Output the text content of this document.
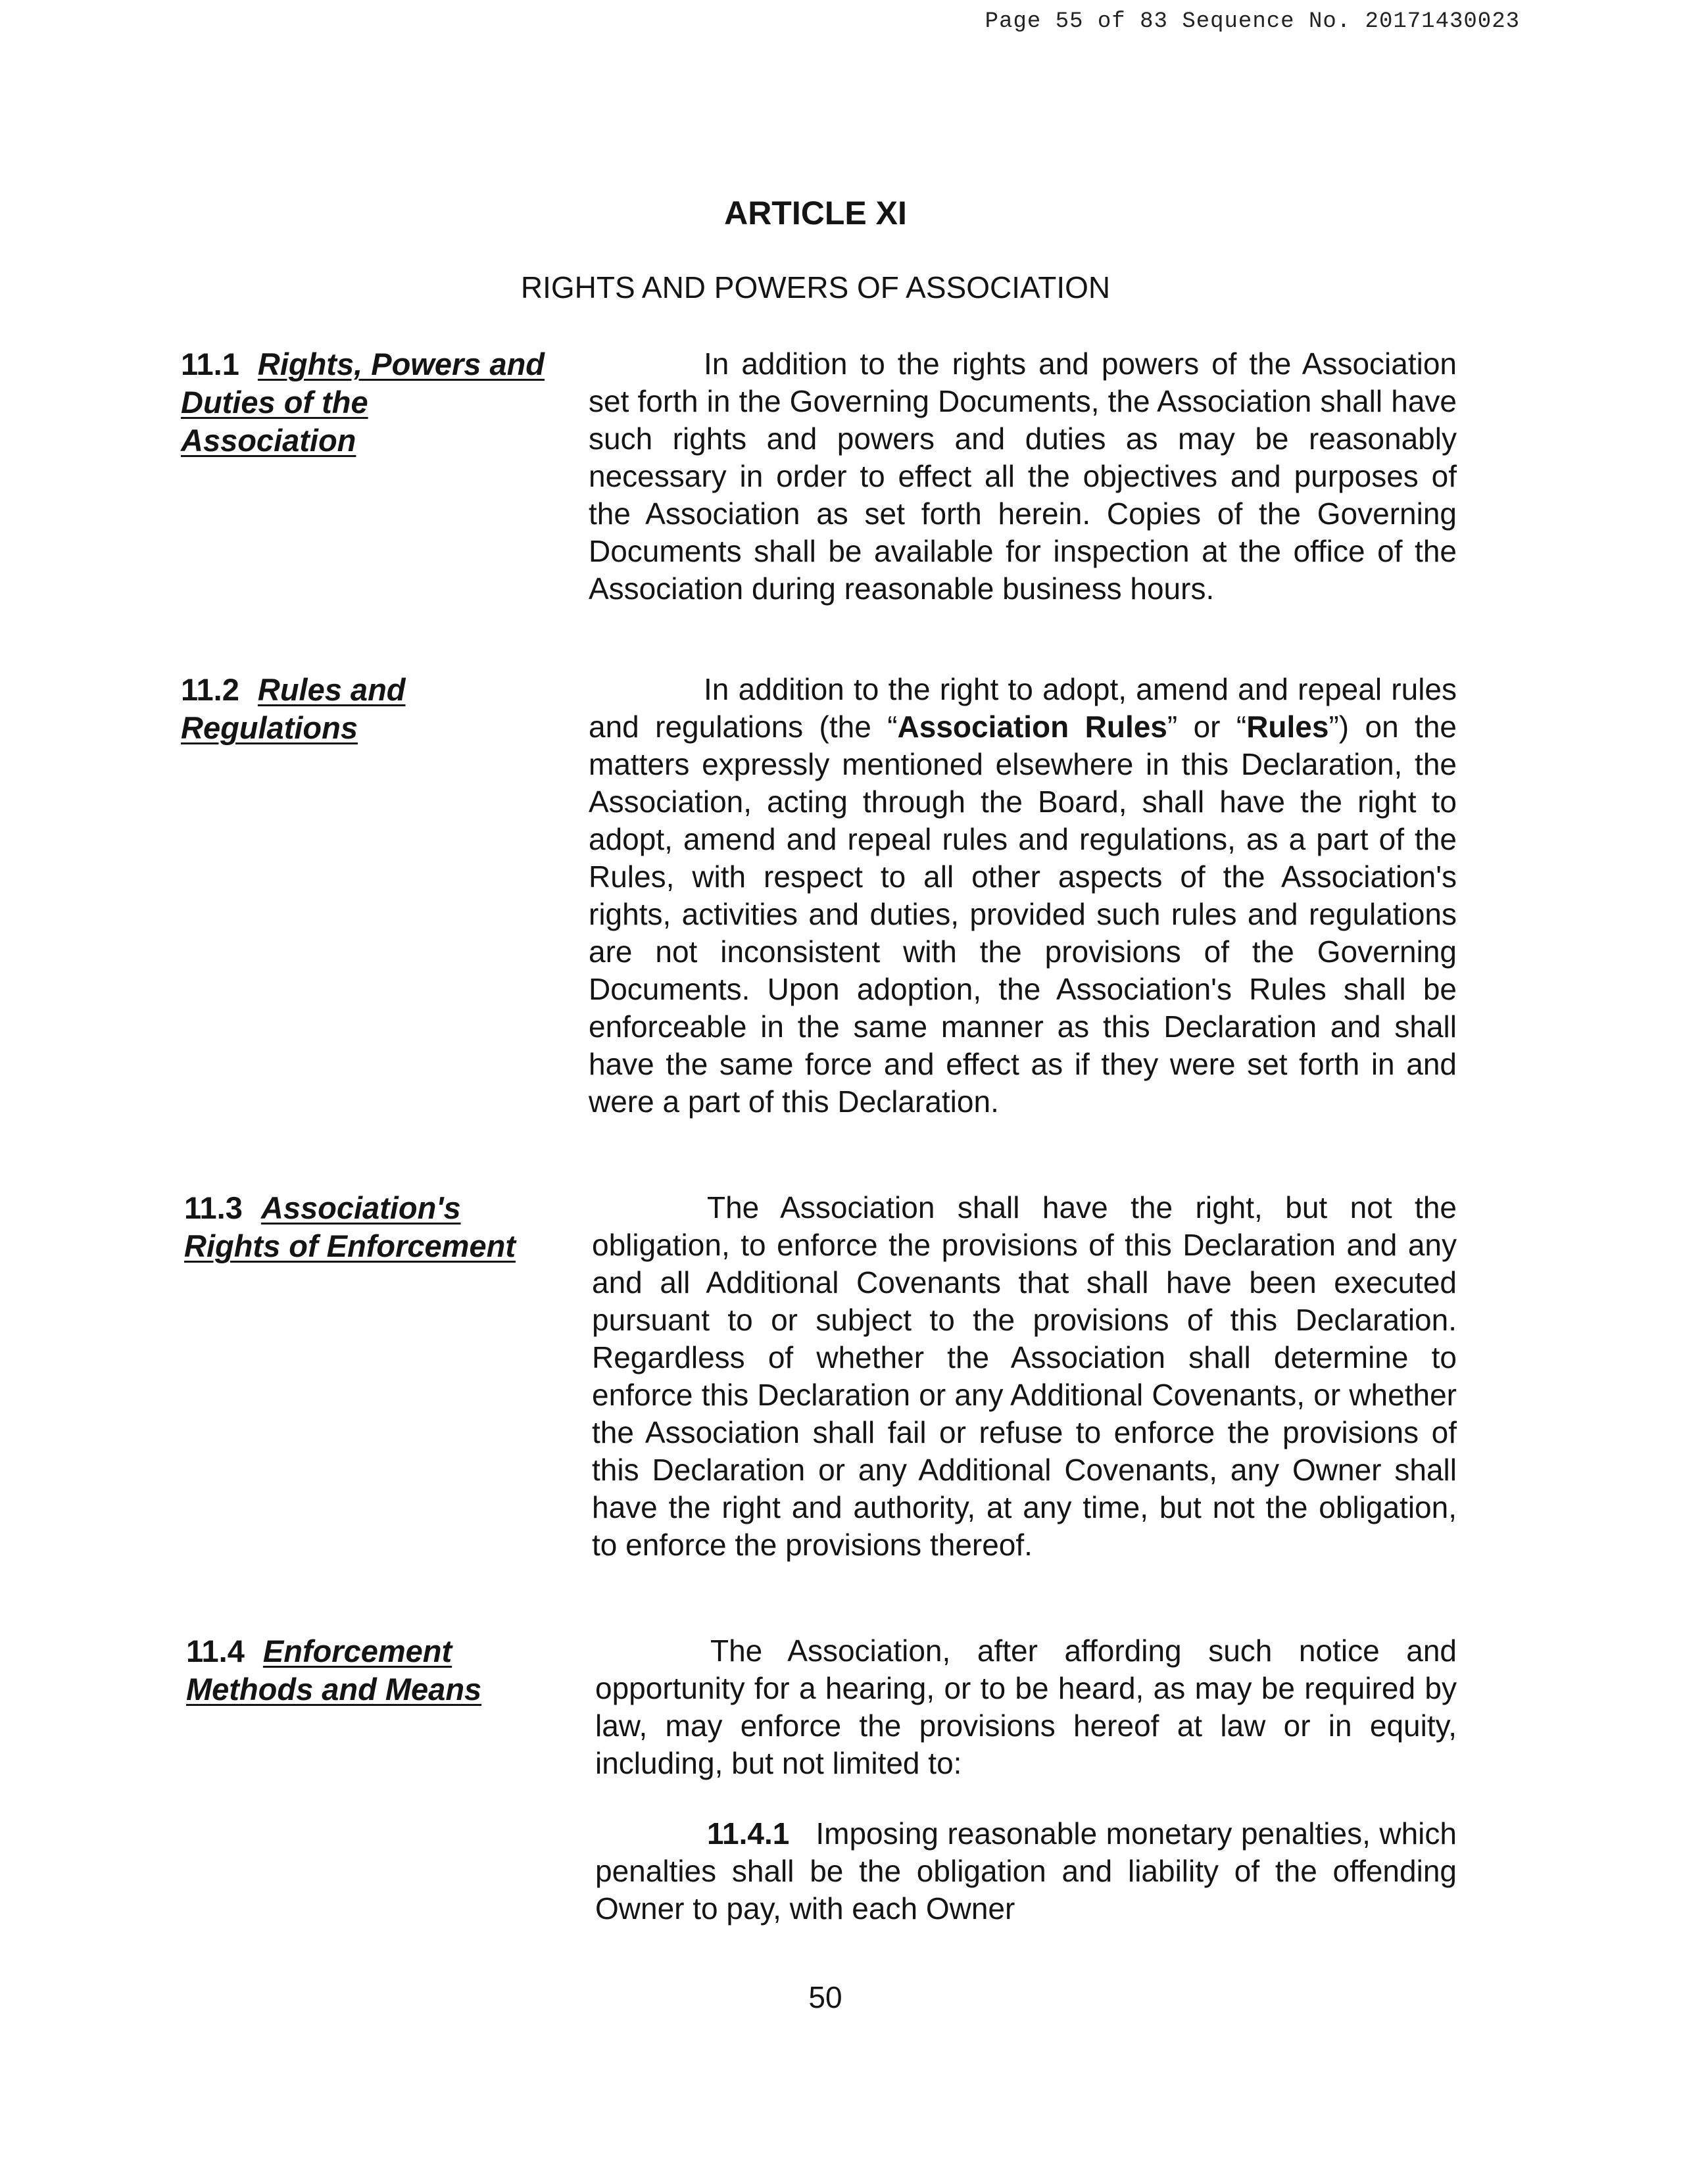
Page 55 of 83 Sequence No. 20171430023
ARTICLE XI
RIGHTS AND POWERS OF ASSOCIATION
11.1 Rights, Powers and Duties of the Association

In addition to the rights and powers of the Association set forth in the Governing Documents, the Association shall have such rights and powers and duties as may be reasonably necessary in order to effect all the objectives and purposes of the Association as set forth herein. Copies of the Governing Documents shall be available for inspection at the office of the Association during reasonable business hours.

11.2 Rules and Regulations

In addition to the right to adopt, amend and repeal rules and regulations (the “Association Rules” or “Rules”) on the matters expressly mentioned elsewhere in this Declaration, the Association, acting through the Board, shall have the right to adopt, amend and repeal rules and regulations, as a part of the Rules, with respect to all other aspects of the Association's rights, activities and duties, provided such rules and regulations are not inconsistent with the provisions of the Governing Documents. Upon adoption, the Association's Rules shall be enforceable in the same manner as this Declaration and shall have the same force and effect as if they were set forth in and were a part of this Declaration.

11.3 Association's Rights of Enforcement

The Association shall have the right, but not the obligation, to enforce the provisions of this Declaration and any and all Additional Covenants that shall have been executed pursuant to or subject to the provisions of this Declaration. Regardless of whether the Association shall determine to enforce this Declaration or any Additional Covenants, or whether the Association shall fail or refuse to enforce the provisions of this Declaration or any Additional Covenants, any Owner shall have the right and authority, at any time, but not the obligation, to enforce the provisions thereof.

11.4 Enforcement Methods and Means

The Association, after affording such notice and opportunity for a hearing, or to be heard, as may be required by law, may enforce the provisions hereof at law or in equity, including, but not limited to:

11.4.1 Imposing reasonable monetary penalties, which penalties shall be the obligation and liability of the offending Owner to pay, with each Owner

50
